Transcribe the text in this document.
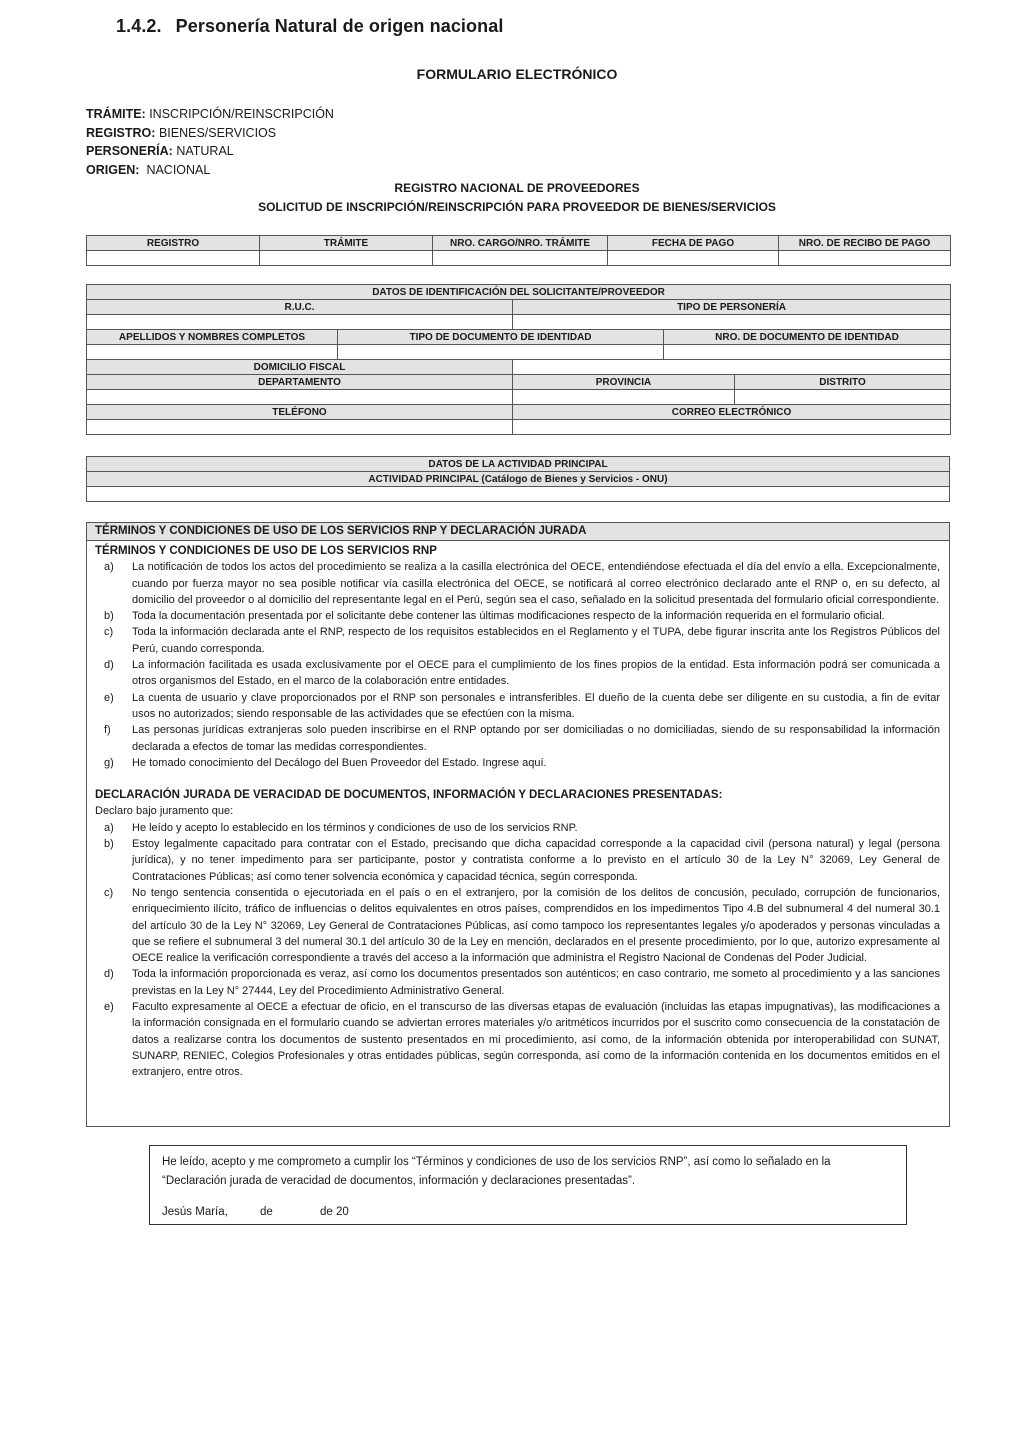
1.4.2. Personería Natural de origen nacional
FORMULARIO ELECTRÓNICO
TRÁMITE: INSCRIPCIÓN/REINSCRIPCIÓN
REGISTRO: BIENES/SERVICIOS
PERSONERÍA: NATURAL
ORIGEN:  NACIONAL
REGISTRO NACIONAL DE PROVEEDORES
SOLICITUD DE INSCRIPCIÓN/REINSCRIPCIÓN PARA PROVEEDOR DE BIENES/SERVICIOS
REGISTRO	TRÁMITE	NRO. CARGO/NRO. TRÁMITE	FECHA DE PAGO	NRO. DE RECIBO DE PAGO

DATOS DE IDENTIFICACIÓN DEL SOLICITANTE/PROVEEDOR				
R.U.C.		TIPO DE PERSONERÍA		

APELLIDOS Y NOMBRES COMPLETOS	TIPO DE DOCUMENTO DE IDENTIDAD		NRO. DE DOCUMENTO DE IDENTIDAD	

DOMICILIO FISCAL				
DEPARTAMENTO		PROVINCIA		DISTRITO

TELÉFONO		CORREO ELECTRÓNICO		

DATOS DE LA ACTIVIDAD PRINCIPAL
ACTIVIDAD PRINCIPAL (Catálogo de Bienes y Servicios - ONU)

TÉRMINOS Y CONDICIONES DE USO DE LOS SERVICIOS RNP Y DECLARACIÓN JURADA
TÉRMINOS Y CONDICIONES DE USO DE LOS SERVICIOS RNP
a)	La notificación de todos los actos del procedimiento se realiza a la casilla electrónica del OECE, entendiéndose efectuada el día del envío a ella. Excepcionalmente, cuando por fuerza mayor no sea posible notificar vía casilla electrónica del OECE, se notificará al correo electrónico declarado ante el RNP o, en su defecto, al domicilio del proveedor o al domicilio del representante legal en el Perú, según sea el caso, señalado en la solicitud presentada del formulario oficial correspondiente.
b)	Toda la documentación presentada por el solicitante debe contener las últimas modificaciones respecto de la información requerida en el formulario oficial.
c)	Toda la información declarada ante el RNP, respecto de los requisitos establecidos en el Reglamento y el TUPA, debe figurar inscrita ante los Registros Públicos del Perú, cuando corresponda.
d)	La información facilitada es usada exclusivamente por el OECE para el cumplimiento de los fines propios de la entidad. Esta información podrá ser comunicada a otros organismos del Estado, en el marco de la colaboración entre entidades.
e)	La cuenta de usuario y clave proporcionados por el RNP son personales e intransferibles. El dueño de la cuenta debe ser diligente en su custodia, a fin de evitar usos no autorizados; siendo responsable de las actividades que se efectúen con la misma.
f)	Las personas jurídicas extranjeras solo pueden inscribirse en el RNP optando por ser domiciliadas o no domiciliadas, siendo de su responsabilidad la información declarada a efectos de tomar las medidas correspondientes.
g)	He tomado conocimiento del Decálogo del Buen Proveedor del Estado. Ingrese aquí.
DECLARACIÓN JURADA DE VERACIDAD DE DOCUMENTOS, INFORMACIÓN Y DECLARACIONES PRESENTADAS:
Declaro bajo juramento que:
a)	He leído y acepto lo establecido en los términos y condiciones de uso de los servicios RNP.
b)	Estoy legalmente capacitado para contratar con el Estado, precisando que dicha capacidad corresponde a la capacidad civil (persona natural) y legal (persona jurídica), y no tener impedimento para ser participante, postor y contratista conforme a lo previsto en el artículo 30 de la Ley N° 32069, Ley General de Contrataciones Públicas; así como tener solvencia económica y capacidad técnica, según corresponda.
c)	No tengo sentencia consentida o ejecutoriada en el país o en el extranjero, por la comisión de los delitos de concusión, peculado, corrupción de funcionarios, enriquecimiento ilícito, tráfico de influencias o delitos equivalentes en otros países, comprendidos en los impedimentos Tipo 4.B del subnumeral 4 del numeral 30.1 del artículo 30 de la Ley N° 32069, Ley General de Contrataciones Públicas, así como tampoco los representantes legales y/o apoderados y personas vinculadas a que se refiere el subnumeral 3 del numeral 30.1 del artículo 30 de la Ley en mención, declarados en el presente procedimiento, por lo que, autorizo expresamente al OECE realice la verificación correspondiente a través del acceso a la información que administra el Registro Nacional de Condenas del Poder Judicial.
d)	Toda la información proporcionada es veraz, así como los documentos presentados son auténticos; en caso contrario, me someto al procedimiento y a las sanciones previstas en la Ley N° 27444, Ley del Procedimiento Administrativo General.
e)	Faculto expresamente al OECE a efectuar de oficio, en el transcurso de las diversas etapas de evaluación (incluidas las etapas impugnativas), las modificaciones a la información consignada en el formulario cuando se adviertan errores materiales y/o aritméticos incurridos por el suscrito como consecuencia de la constatación de datos a realizarse contra los documentos de sustento presentados en mi procedimiento, así como, de la información obtenida por interoperabilidad con SUNAT, SUNARP, RENIEC, Colegios Profesionales y otras entidades públicas, según corresponda, así como de la información contenida en los documentos emitidos en el extranjero, entre otros.
He leído, acepto y me comprometo a cumplir los “Términos y condiciones de uso de los servicios RNP”, así como lo señalado en la “Declaración jurada de veracidad de documentos, información y declaraciones presentadas”.
Jesús María,	de	de 20
